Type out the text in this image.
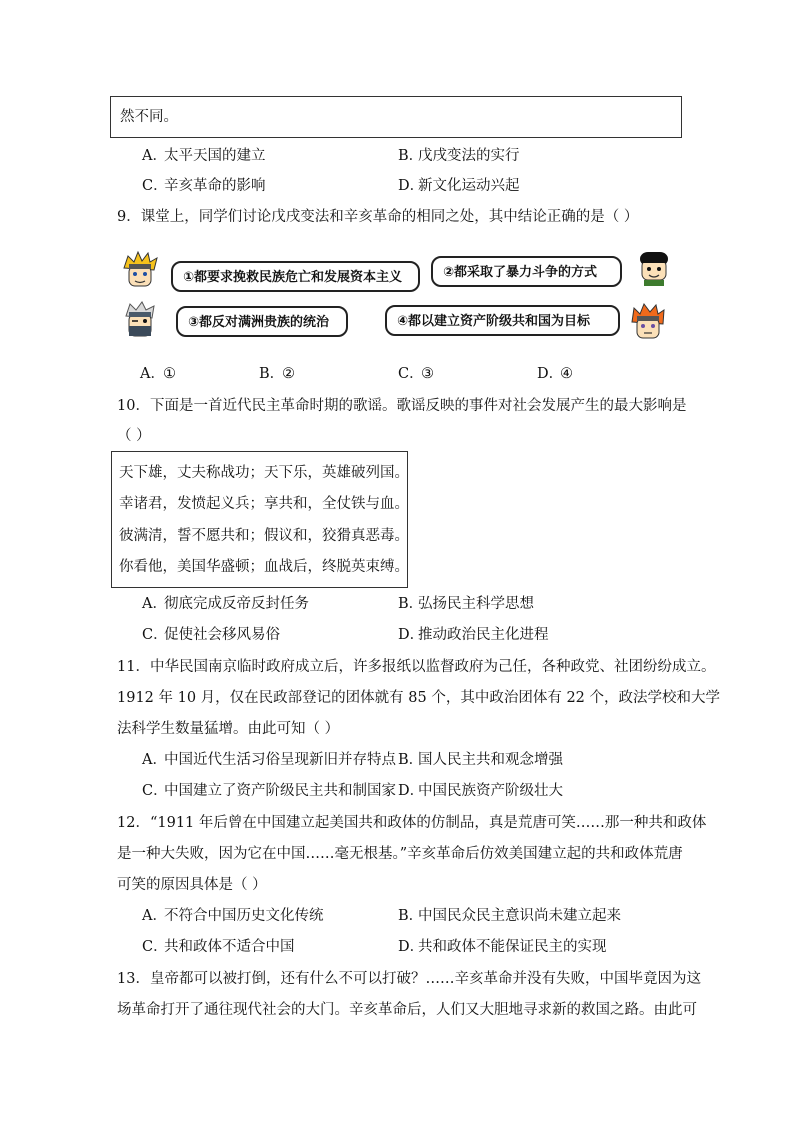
然不同。
A．
太平天国的建立	B．
戊戌变法的实行
C．
辛亥革命的影响	D．
新文化运动兴起
9．课堂上，同学们讨论戊戌变法和辛亥革命的相同之处，其中结论正确的是（ ）
①都要求挽救民族危亡和发展资本主义	②都采取了暴力斗争的方式
③都反对满洲贵族的统治	④都以建立资产阶级共和国为目标
A．
①	B．
②	C．
③	D．
④
10．下面是一首近代民主革命时期的歌谣。歌谣反映的事件对社会发展产生的最大影响是
（ ）
天下雄，丈夫称战功；天下乐，英雄破列国。
幸诸君，发愤起义兵；享共和，全仗铁与血。
彼满清，誓不愿共和；假议和，狡猾真恶毒。
你看他，美国华盛顿；血战后，终脱英束缚。
A．
彻底完成反帝反封任务	B．
弘扬民主科学思想
C．
促使社会移风易俗	D．
推动政治民主化进程
11．中华民国南京临时政府成立后，许多报纸以监督政府为己任，各种政党、社团纷纷成立。
1912 年 10 月，仅在民政部登记的团体就有 85 个，其中政治团体有 22 个，政法学校和大学
法科学生数量猛增。由此可知（ ）
A．
中国近代生活习俗呈现新旧并存特点 B．
国人民主共和观念增强
C．
中国建立了资产阶级民主共和制国家 D．
中国民族资产阶级壮大
12．“1911 年后曾在中国建立起美国共和政体的仿制品，真是荒唐可笑……那一种共和政体
是一种大失败，因为它在中国……毫无根基。”辛亥革命后仿效美国建立起的共和政体荒唐
可笑的原因具体是（ ）
A．
不符合中国历史文化传统	B．
中国民众民主意识尚未建立起来
C．
共和政体不适合中国	D．
共和政体不能保证民主的实现
13．皇帝都可以被打倒，还有什么不可以打破？……辛亥革命并没有失败，中国毕竟因为这
场革命打开了通往现代社会的大门。辛亥革命后，人们又大胆地寻求新的救国之路。由此可
